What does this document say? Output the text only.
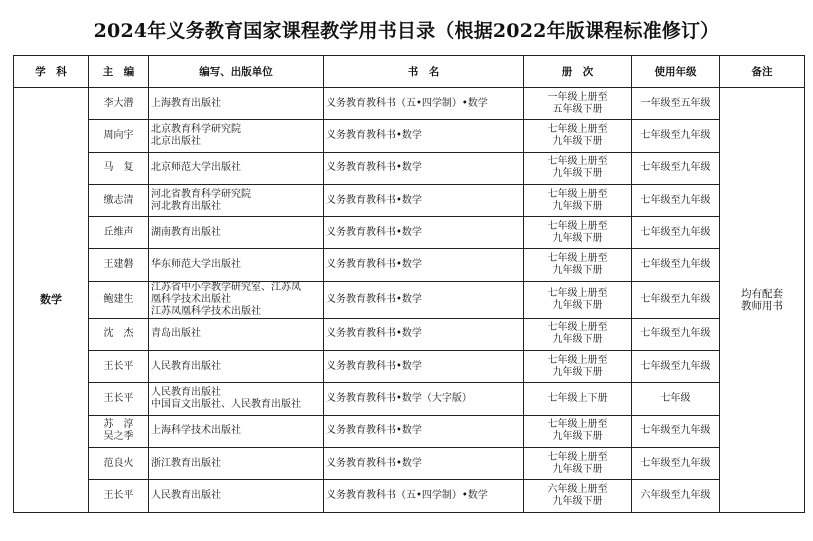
2024年义务教育国家课程教学用书目录（根据2022年版课程标准修订）
学　科	主　编	编写、出版单位	书　名	册　次	使用年级	备注
数学	李大潜	上海教育出版社	义务教育教科书（五•四学制）•数学	一年级上册至
五年级下册	一年级至五年级	均有配套
教师用书

	周向宇	北京教育科学研究院
北京出版社	义务教育教科书•数学	七年级上册至
九年级下册	七年级至九年级	

	马　复	北京师范大学出版社	义务教育教科书•数学	七年级上册至
九年级下册	七年级至九年级	

	缴志清	河北省教育科学研究院
河北教育出版社	义务教育教科书•数学	七年级上册至
九年级下册	七年级至九年级	

	丘维声	湖南教育出版社	义务教育教科书•数学	七年级上册至
九年级下册	七年级至九年级	

	王建磐	华东师范大学出版社	义务教育教科书•数学	七年级上册至
九年级下册	七年级至九年级	

	鲍建生	江苏省中小学教学研究室、江苏凤
凰科学技术出版社
江苏凤凰科学技术出版社	义务教育教科书•数学	七年级上册至
九年级下册	七年级至九年级	

	沈　杰	青岛出版社	义务教育教科书•数学	七年级上册至
九年级下册	七年级至九年级	

	王长平	人民教育出版社	义务教育教科书•数学	七年级上册至
九年级下册	七年级至九年级	

	王长平	人民教育出版社
中国盲文出版社、人民教育出版社	义务教育教科书•数学（大字版）	七年级上下册	七年级	

	苏　淳
吴之季	上海科学技术出版社	义务教育教科书•数学	七年级上册至
九年级下册	七年级至九年级	

	范良火	浙江教育出版社	义务教育教科书•数学	七年级上册至
九年级下册	七年级至九年级	

	王长平	人民教育出版社	义务教育教科书（五•四学制）•数学	六年级上册至
九年级下册	六年级至九年级	
